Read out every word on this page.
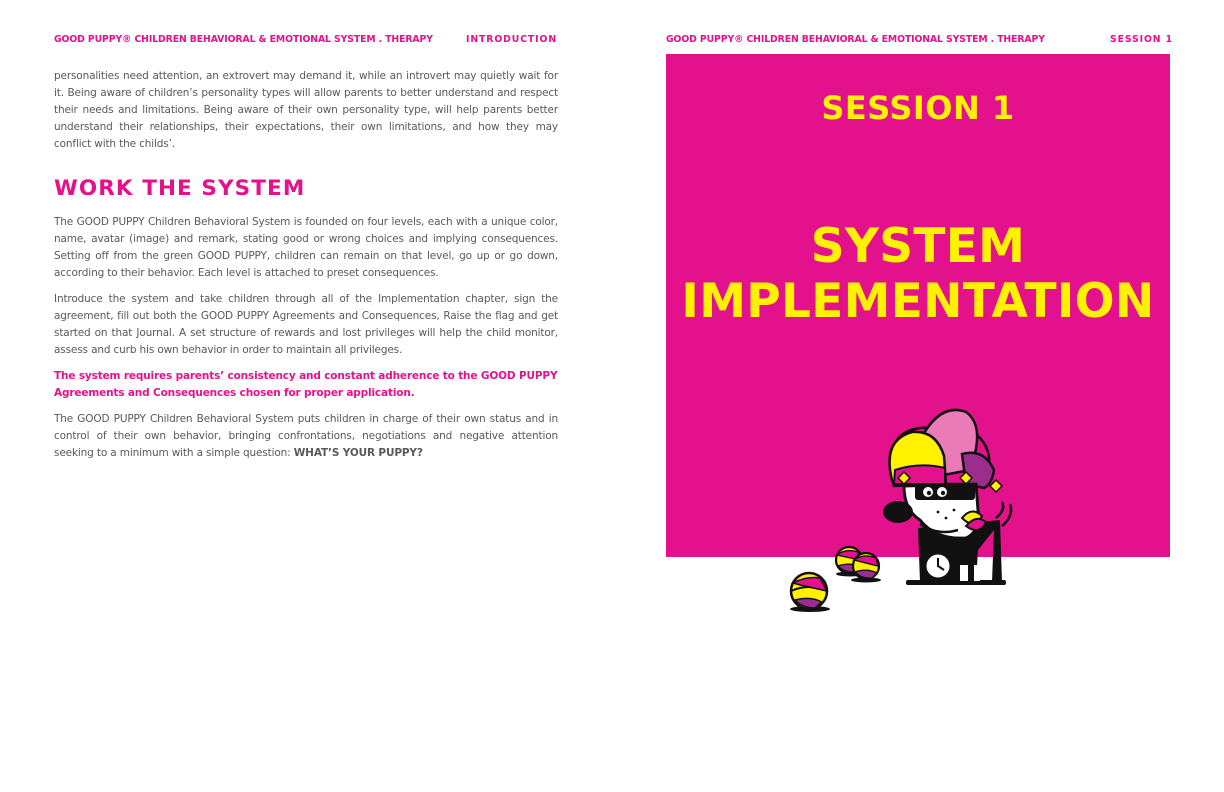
GOOD PUPPY® CHILDREN BEHAVIORAL & EMOTIONAL SYSTEM . THERAPY	INTRODUCTION

personalities need attention, an extrovert may demand it, while an introvert may quietly wait for it. Being aware of children’s personality types will allow parents to better understand and respect their needs and limitations. Being aware of their own personality type, will help parents better understand their relationships, their expectations, their own limitations, and how they may conflict with the childs’.

WORK THE SYSTEM

The GOOD PUPPY Children Behavioral System is founded on four levels, each with a unique color, name, avatar (image) and remark, stating good or wrong choices and implying consequences. Setting off from the green GOOD PUPPY, children can remain on that level, go up or go down, according to their behavior. Each level is attached to preset consequences.

Introduce the system and take children through all of the Implementation chapter, sign the agreement, fill out both the GOOD PUPPY Agreements and Consequences, Raise the flag and get started on that Journal. A set structure of rewards and lost privileges will help the child monitor, assess and curb his own behavior in order to maintain all privileges.

The system requires parents’ consistency and constant adherence to the GOOD PUPPY Agreements and Consequences chosen for proper application.

The GOOD PUPPY Children Behavioral System puts children in charge of their own status and in control of their own behavior, bringing confrontations, negotiations and negative attention seeking to a minimum with a simple question: WHAT’S YOUR PUPPY?

GOOD PUPPY® CHILDREN BEHAVIORAL & EMOTIONAL SYSTEM . THERAPY	SESSION 1
SESSION 1
SYSTEM
IMPLEMENTATION
©
